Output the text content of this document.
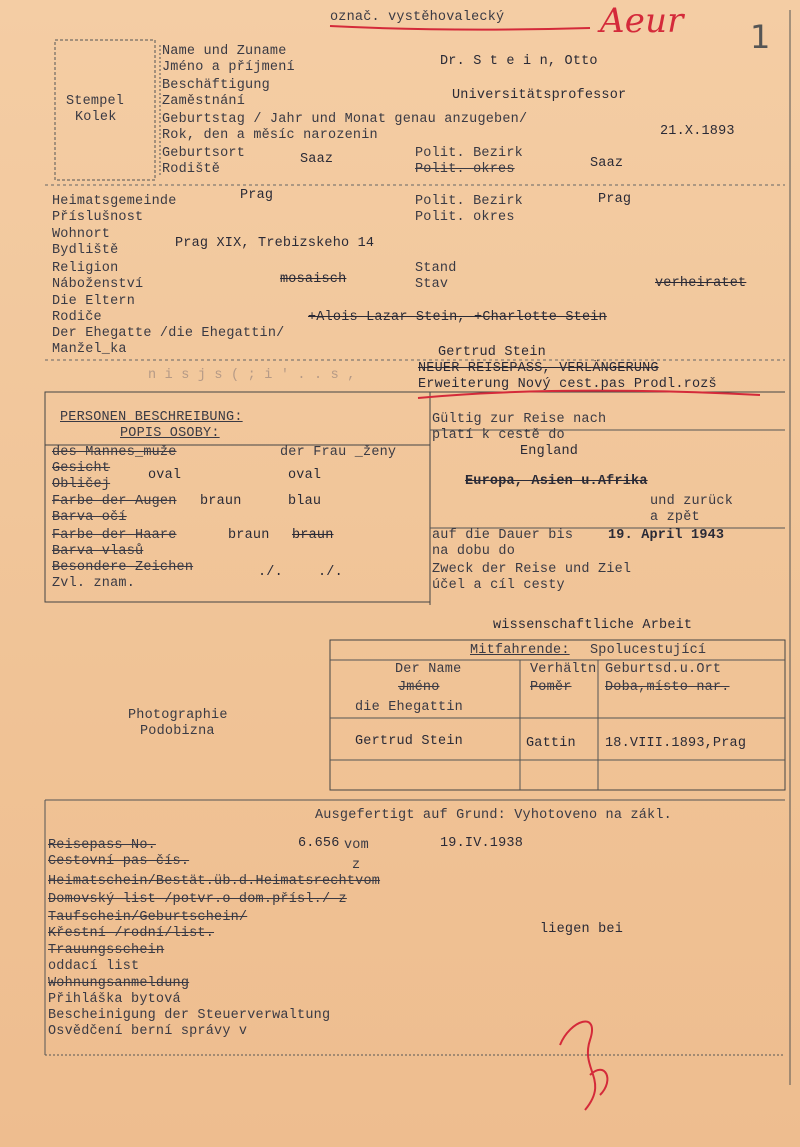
označ. vystěhovalecký	Aeur 1
Stempel
Kolek
Name und Zuname
Jméno a příjmení	Dr. S t e i n, Otto
Beschäftigung
Zaměstnání	Universitätsprofessor
Geburtstag / Jahr und Monat genau anzugeben/
Rok, den a měsíc narozenin	21.X.1893
Geburtsort
Rodiště
Saaz	Polit. Bezirk
Polit. okres	Saaz
Heimatsgemeinde
Příslušnost
Prag	Polit. Bezirk
Polit. okres
Prag
Wohnort
Bydliště	Prag XIX, Trebizskeho 14
Religion
Náboženství	mosaisch
Stand
Stav	verheiratet
Die Eltern
Rodiče	+Alois Lazar Stein, +Charlotte Stein
Der Ehegatte /die Ehegattin/
Manžel_ka	Gertrud Stein
NEUER REISEPASS, VERLÄNGERUNG
Erweiterung Nový cest.pas Prodl.rozš
n i s j s ( ; i ' . . s ,
PERSONEN BESCHREIBUNG:
POPIS OSOBY:
des Mannes_muže	der Frau _ženy
Gesicht
Obličej
oval	oval
Farbe der Augen
Barva očí
braun	blau
Farbe der Haare
Barva vlasů
braun braun
Besondere Zeichen
Zvl. znam.
./.	./.
Gültig zur Reise nach
platí k cestě do
England
Europa, Asien u.Afrika
und zurück
a zpět
auf die Dauer bis
na dobu do
19. April 1943
Zweck der Reise und Ziel
účel a cíl cesty
wissenschaftliche Arbeit
Mitfahrende: Spolucestující
Der Name
Jméno
Verhältn
Poměr
Geburtsd.u.Ort
Doba,místo nar.
die Ehegattin
Gertrud Stein	Gattin 18.VIII.1893,Prag
Photographie
Podobizna
Ausgefertigt auf Grund: Vyhotoveno na zákl.
Reisepass No.	6.656 vom	19.IV.1938
Cestovní pas čís.	z
Heimatschein/Bestät.üb.d.Heimatsrechtvom
Domovský list /potvr.o dom.přísl./ z
Taufschein/Geburtschein/
Křestní /rodní/list.	liegen bei
Trauungsschein
oddací list
Wohnungsanmeldung
Přihláška bytová
Bescheinigung der Steuerverwaltung
Osvědčení berní správy v
